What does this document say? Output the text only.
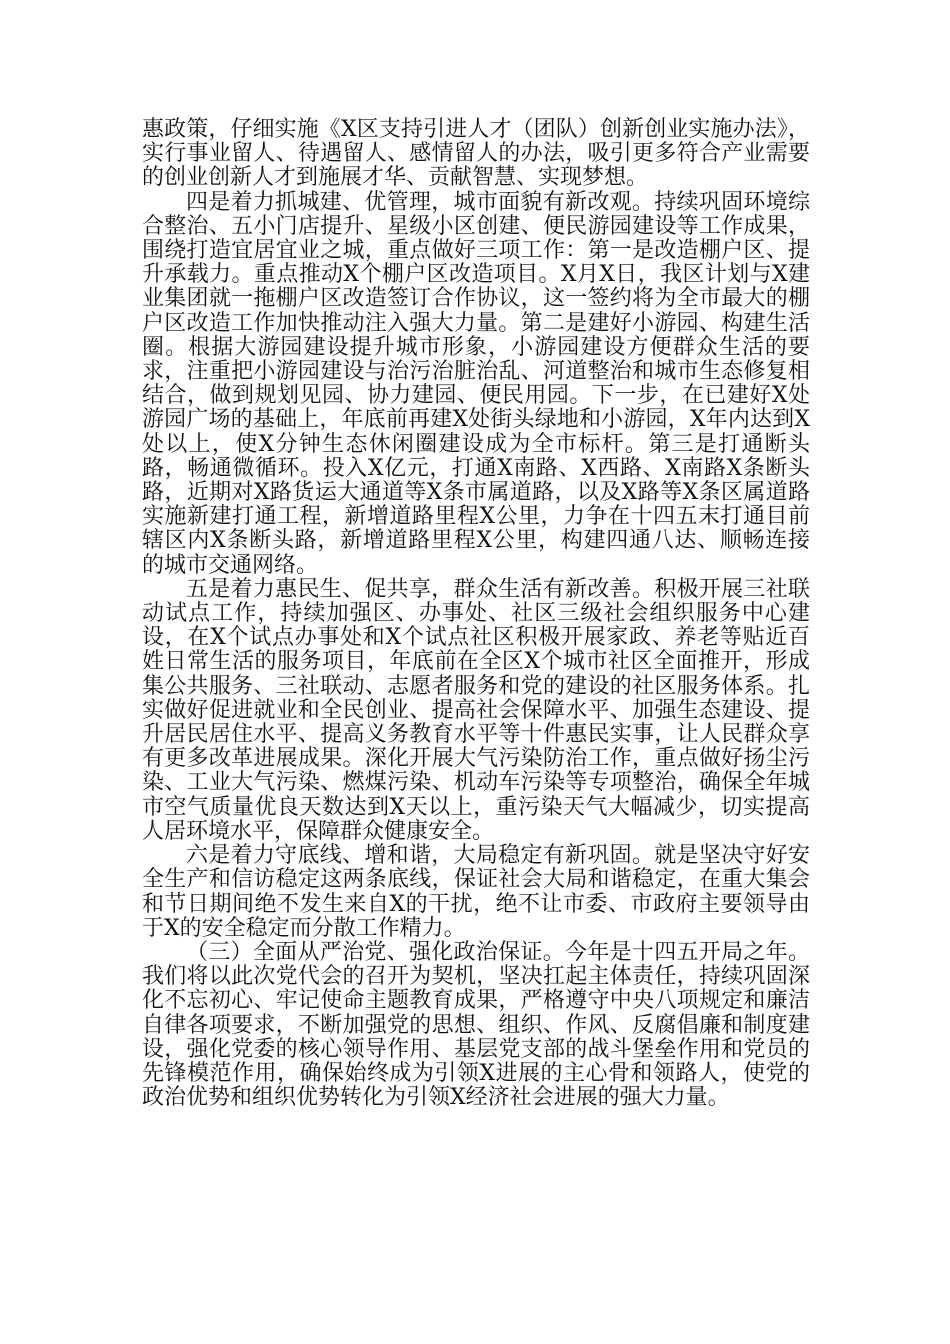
惠政策，仔细实施《X区支持引进人才（团队）创新创业实施办法》，实行事业留人、待遇留人、感情留人的办法，吸引更多符合产业需要的创业创新人才到施展才华、贡献智慧、实现梦想。

四是着力抓城建、优管理，城市面貌有新改观。持续巩固环境综合整治、五小门店提升、星级小区创建、便民游园建设等工作成果，围绕打造宜居宜业之城，重点做好三项工作：第一是改造棚户区、提升承载力。重点推动X个棚户区改造项目。X月X日，我区计划与X建业集团就一拖棚户区改造签订合作协议，这一签约将为全市最大的棚户区改造工作加快推动注入强大力量。第二是建好小游园、构建生活圈。根据大游园建设提升城市形象，小游园建设方便群众生活的要求，注重把小游园建设与治污治脏治乱、河道整治和城市生态修复相结合，做到规划见园、协力建园、便民用园。下一步，在已建好X处游园广场的基础上，年底前再建X处街头绿地和小游园，X年内达到X处以上，使X分钟生态休闲圈建设成为全市标杆。第三是打通断头路，畅通微循环。投入X亿元，打通X南路、X西路、X南路X条断头路，近期对X路货运大通道等X条市属道路，以及X路等X条区属道路实施新建打通工程，新增道路里程X公里，力争在十四五末打通目前辖区内X条断头路，新增道路里程X公里，构建四通八达、顺畅连接的城市交通网络。

五是着力惠民生、促共享，群众生活有新改善。积极开展三社联动试点工作，持续加强区、办事处、社区三级社会组织服务中心建设，在X个试点办事处和X个试点社区积极开展家政、养老等贴近百姓日常生活的服务项目，年底前在全区X个城市社区全面推开，形成集公共服务、三社联动、志愿者服务和党的建设的社区服务体系。扎实做好促进就业和全民创业、提高社会保障水平、加强生态建设、提升居民居住水平、提高义务教育水平等十件惠民实事，让人民群众享有更多改革进展成果。深化开展大气污染防治工作，重点做好扬尘污染、工业大气污染、燃煤污染、机动车污染等专项整治，确保全年城市空气质量优良天数达到X天以上，重污染天气大幅减少，切实提高人居环境水平，保障群众健康安全。

六是着力守底线、增和谐，大局稳定有新巩固。就是坚决守好安全生产和信访稳定这两条底线，保证社会大局和谐稳定，在重大集会和节日期间绝不发生来自X的干扰，绝不让市委、市政府主要领导由于X的安全稳定而分散工作精力。

（三）全面从严治党、强化政治保证。今年是十四五开局之年。我们将以此次党代会的召开为契机，坚决扛起主体责任，持续巩固深化不忘初心、牢记使命主题教育成果，严格遵守中央八项规定和廉洁自律各项要求，不断加强党的思想、组织、作风、反腐倡廉和制度建设，强化党委的核心领导作用、基层党支部的战斗堡垒作用和党员的先锋模范作用，确保始终成为引领X进展的主心骨和领路人，使党的政治优势和组织优势转化为引领X经济社会进展的强大力量。
